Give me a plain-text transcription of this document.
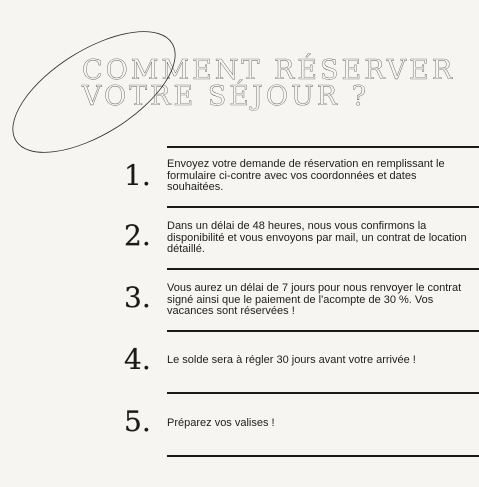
COMMENT RÉSERVER
VOTRE SÉJOUR ?
1. Envoyez votre demande de réservation en remplissant le formulaire ci-contre avec vos coordonnées et dates souhaitées.
2. Dans un délai de 48 heures, nous vous confirmons la disponibilité et vous envoyons par mail, un contrat de location détaillé.
3. Vous aurez un délai de 7 jours pour nous renvoyer le contrat signé ainsi que le paiement de l'acompte de 30 %. Vos vacances sont réservées !
4. Le solde sera à régler 30 jours avant votre arrivée !
5. Préparez vos valises !
